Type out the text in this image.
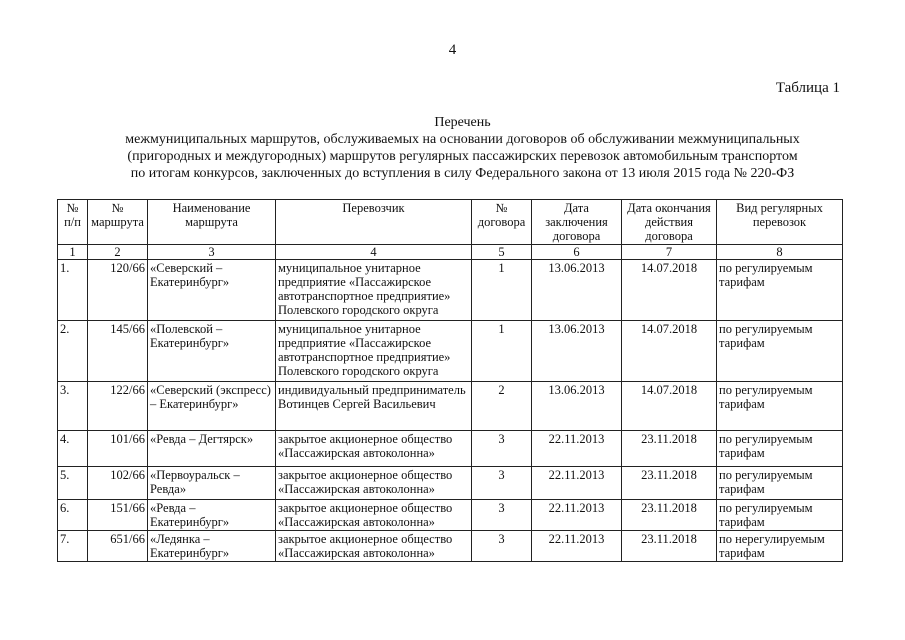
4
Таблица 1
Перечень
межмуниципальных маршрутов, обслуживаемых на основании договоров об обслуживании межмуниципальных
(пригородных и междугородных) маршрутов регулярных пассажирских перевозок автомобильным транспортом
по итогам конкурсов, заключенных до вступления в силу Федерального закона от 13 июля 2015 года № 220-ФЗ
№ п/п	№ маршрута	Наименование маршрута	Перевозчик	№ договора	Дата заключения договора	Дата окончания действия договора	Вид регулярных перевозок
1	2	3	4	5	6	7	8
1.	120/66	«Северский – Екатеринбург»	муниципальное унитарное предприятие «Пассажирское автотранспортное предприятие» Полевского городского округа	1	13.06.2013	14.07.2018	по регулируемым тарифам
2.	145/66	«Полевской – Екатеринбург»	муниципальное унитарное предприятие «Пассажирское автотранспортное предприятие» Полевского городского округа	1	13.06.2013	14.07.2018	по регулируемым тарифам
3.	122/66	«Северский (экспресс) – Екатеринбург»	индивидуальный предприниматель Вотинцев Сергей Васильевич	2	13.06.2013	14.07.2018	по регулируемым тарифам
4.	101/66	«Ревда – Дегтярск»	закрытое акционерное общество «Пассажирская автоколонна»	3	22.11.2013	23.11.2018	по регулируемым тарифам
5.	102/66	«Первоуральск – Ревда»	закрытое акционерное общество «Пассажирская автоколонна»	3	22.11.2013	23.11.2018	по регулируемым тарифам
6.	151/66	«Ревда – Екатеринбург»	закрытое акционерное общество «Пассажирская автоколонна»	3	22.11.2013	23.11.2018	по регулируемым тарифам
7.	651/66	«Ледянка – Екатеринбург»	закрытое акционерное общество «Пассажирская автоколонна»	3	22.11.2013	23.11.2018	по нерегулируемым тарифам
